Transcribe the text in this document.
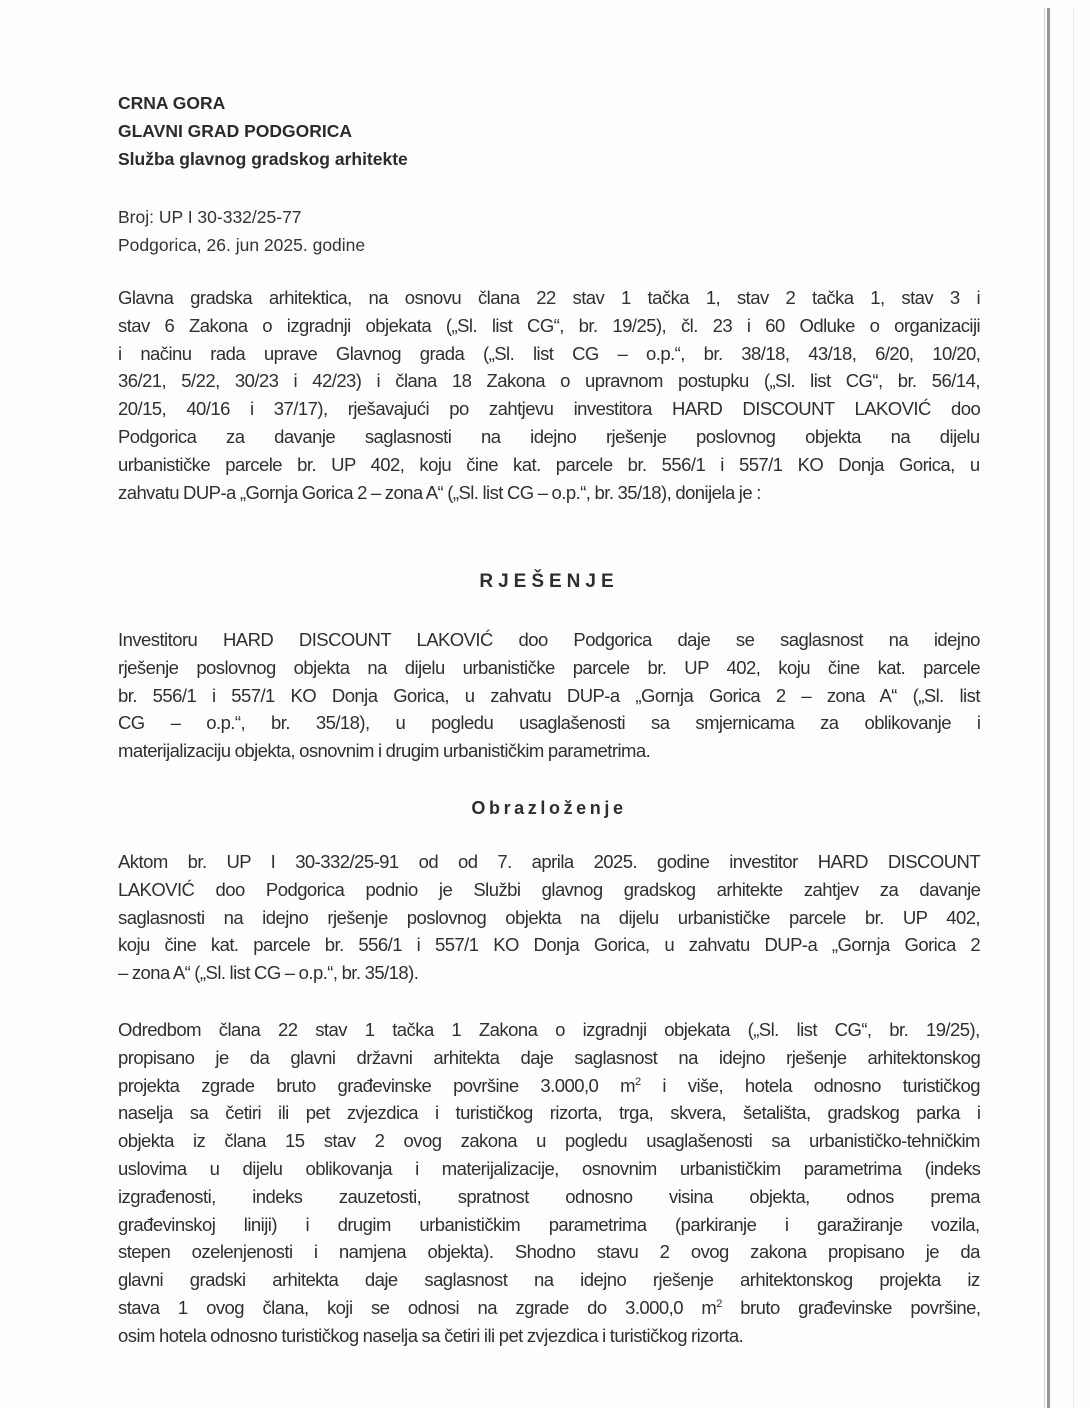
CRNA GORA
GLAVNI GRAD PODGORICA
Služba glavnog gradskog arhitekte
Broj: UP I 30-332/25-77
Podgorica, 26. jun 2025. godine
Glavna gradska arhitektica, na osnovu člana 22 stav 1 tačka 1, stav 2 tačka 1, stav 3 i
stav 6 Zakona o izgradnji objekata („Sl. list CG“, br. 19/25), čl. 23 i 60 Odluke o organizaciji
i načinu rada uprave Glavnog grada („Sl. list CG – o.p.“, br. 38/18, 43/18, 6/20, 10/20,
36/21, 5/22, 30/23 i 42/23) i člana 18 Zakona o upravnom postupku („Sl. list CG“, br. 56/14,
20/15, 40/16 i 37/17), rješavajući po zahtjevu investitora HARD DISCOUNT LAKOVIĆ doo
Podgorica za davanje saglasnosti na idejno rješenje poslovnog objekta na dijelu
urbanističke parcele br. UP 402, koju čine kat. parcele br. 556/1 i 557/1 KO Donja Gorica, u
zahvatu DUP-a „Gornja Gorica 2 – zona A“ („Sl. list CG – o.p.“, br. 35/18), donijela je :
RJEŠENJE
Investitoru HARD DISCOUNT LAKOVIĆ doo Podgorica daje se saglasnost na idejno
rješenje poslovnog objekta na dijelu urbanističke parcele br. UP 402, koju čine kat. parcele
br. 556/1 i 557/1 KO Donja Gorica, u zahvatu DUP-a „Gornja Gorica 2 – zona A“ („Sl. list
CG – o.p.“, br. 35/18), u pogledu usaglašenosti sa smjernicama za oblikovanje i
materijalizaciju objekta, osnovnim i drugim urbanističkim parametrima.
Obrazloženje
Aktom br. UP I 30-332/25-91 od od 7. aprila 2025. godine investitor HARD DISCOUNT
LAKOVIĆ doo Podgorica podnio je Službi glavnog gradskog arhitekte zahtjev za davanje
saglasnosti na idejno rješenje poslovnog objekta na dijelu urbanističke parcele br. UP 402,
koju čine kat. parcele br. 556/1 i 557/1 KO Donja Gorica, u zahvatu DUP-a „Gornja Gorica 2
– zona A“ („Sl. list CG – o.p.“, br. 35/18).
Odredbom člana 22 stav 1 tačka 1 Zakona o izgradnji objekata („Sl. list CG“, br. 19/25),
propisano je da glavni državni arhitekta daje saglasnost na idejno rješenje arhitektonskog
projekta zgrade bruto građevinske površine 3.000,0 $m^2$ i više, hotela odnosno turističkog
naselja sa četiri ili pet zvjezdica i turističkog rizorta, trga, skvera, šetališta, gradskog parka i
objekta iz člana 15 stav 2 ovog zakona u pogledu usaglašenosti sa urbanističko-tehničkim
uslovima u dijelu oblikovanja i materijalizacije, osnovnim urbanističkim parametrima (indeks
izgrađenosti, indeks zauzetosti, spratnost odnosno visina objekta, odnos prema
građevinskoj liniji) i drugim urbanističkim parametrima (parkiranje i garažiranje vozila,
stepen ozelenjenosti i namjena objekta). Shodno stavu 2 ovog zakona propisano je da
glavni gradski arhitekta daje saglasnost na idejno rješenje arhitektonskog projekta iz
stava 1 ovog člana, koji se odnosi na zgrade do 3.000,0 $m^2$ bruto građevinske površine,
osim hotela odnosno turističkog naselja sa četiri ili pet zvjezdica i turističkog rizorta.
